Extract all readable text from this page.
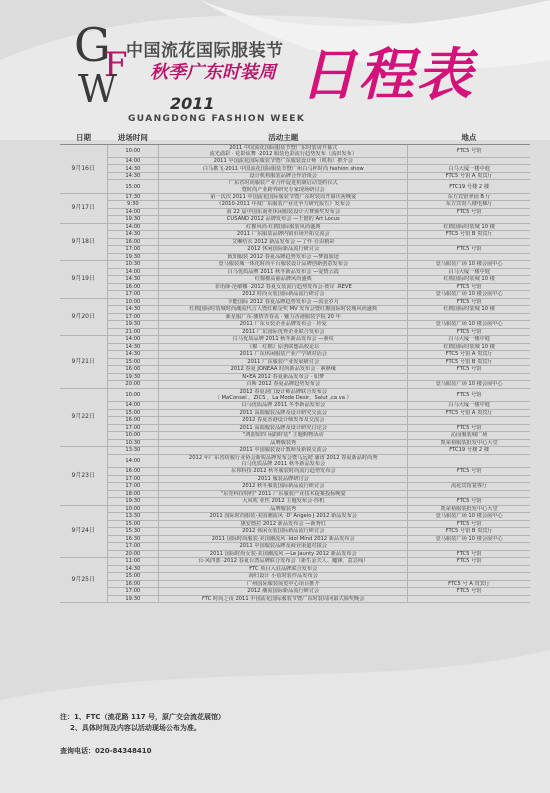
G
F
W
中国流花国际服装节
秋季广东时装周
2011
GUANGDONG FASHION WEEK
日程表
日期	进场时间	活动主题	地点
9月16日	10:00	2011 中国流花国际服装节暨广东时装周开幕式
流光溢彩 · 花影炫舞 ·2012 服装色彩流行趋势发布（流田发布）	FTC5 号馆
	14:00	2011 中国流花国际服装节暨广东服装设计师（机构）推介会	
	14:30	白马携飞·2011 中国流花国际服装节暨广州白马杯时尚 fashion show	白马大厦一楼中庭
	14:30	设计机构服装品牌合作洽谈会	FTC5 号馆 A 贵宾厅
	15:00	广东省时尚服装产业合作促进机制启动签约仪式
暨时尚产业跨界研究专家现场研讨会	FTC19 号楼 2 楼
9月17日	17:30	第一次次 2011 中国流花国际服装节暨广东时装周开幕庆祝晚宴	东方宾馆翠园 B 厅
	9:30	《2010-2011 年度广东服装产业竞争力研究报告》发布会	东方宾馆八楼电梯厅
	14:00	第 22 届中国东南亚休闲服装设计大赛颁奖发布会	FTC5 号馆
	19:30	CUSAND 2012 品牌发布会 —王锴的 Art Locus	
9月18日	14:00	红棉风尚·红棉国际服装风尚盛典	红棉国际时装城 10 楼
	14:30	2011 广东服装品牌内销市场开拓交流会	FTC5 号馆 B 贵宾厅
	16:00	艾琳结衣 2012 新品发布会 —了作·自由精彩	
	17:00	2012 休闲国际新品流行研讨会	FTC5 号馆
	19:30	致知服装 2012 春夏品牌趋势发布会 —梦圆旅途	
9月19日	10:30	壹马服装城一体化时尚平台服装设计品牌创新创意发布会	壹马服装广场 10 楼会展中心
	14:00	白马优质品牌 2011 秋冬新品发布会 —爱情云霞	白马大厦一楼中庭
	14:30	红棉棉高丽品牌风尚盛典	红棉国际时装城 10 楼
	16:00	菲语薛·范敏娜 ·2012 春夏女装流行趋势发布会·彼岸 .REVE	FTC5 号馆
	17:00	2012 时尚女装国际新品流行研讨会	壹马服装广场 10 楼会展中心
9月20日	10:00	卡能国际 2012 春夏品牌趋势发布会 —流金岁月	FTC5 号馆
	14:30	红棉国际时装城时尚潮流代言人暨红棉金奖 MV 发布会暨红棉国际时装城风尚盛典	红棉国际时装城 10 楼
	17:00	新星服广东·激情青春盖 · 魅力香港服装学院 20 年	
	19:30	2011 广东女装企业品牌发布会 · 珍爱	壹马服装广场 10 楼会展中心
	21:00	2011 广东国际优秀企业联合发布会	FTC5 号馆
9月21日	14:00	白马优质品牌 2011 秋冬新品发布会 —素纹	白马大厦一楼中庭
	14:30	《棉 · 红棉》原创联想高校论坛	红棉国际时装城 10 楼
	14:30	2011 广东休闲服装产业产学研对话会	FTC5 号馆 A 贵宾厅
	15:00	2011 广东服装产业发展研讨会	FTC5 号馆 B 贵宾厅
	16:00	2012 春夏 JONEAA 时尚新品发布会 · 素颜缘	FTC5 号馆
	19:30	N•EA 2012 春夏新品发布会 · 如梦	
	20:00	百斯 2012 春夏品牌趋势发布会	壹马服装广场 10 楼会展中心
9月22日	10:00	2012 春夏洞门设计师品牌联合发布会
（ MaConsel ，ZICS ，La Mode Desir，Salut ,ca va ）	FTC5 号馆
	14:00	白马优质品牌 2011 冬季新品发布会	白马大厦一楼中庭
	15:00	2011 高端服装品牌及设计研究交流会	FTC5 号馆 A 贵宾厅
	16:00	2012 春夏香港设计师发布及交流会	
	17:00	2011 高端服装品牌及设计研究讨论会	FTC5 号馆
	10:00	"鸿韵如四 闲韵时装" 主题购物活动	沁园服装城广场
	10:30	品牌服装秀	凯荣裕服装批发中心大堂
9月23日	13:30	2011 中国服装设计教师及新锐交流会	FTC19 号楼 2 楼
	14:00	2012 年广东省纺服行业协会新锐品牌发布会暨马远彻 潘涛 2012 春夏新品时尚秀
白马优质品牌 2011 秋冬新品发布会	
	16:00	东邦科技 2012 秋冬服装时尚流行趋势发布会	FTC5 号馆
	17:00	2011 服装品牌研讨会	
	17:00	2012 秋冬服装国际新品流行研讨会	流花宾馆宴客厅
	18:00	"东莞科技特约" 2011 广东服装产业技术提案投标晚宴	
	19:30	大风吹 亚性 2012 主题发布会·你机	FTC5 号馆
9月24日	10:00	品牌服装秀	凯荣裕服装批发中心大堂
	13:30	2011 国际时尚服装·美国潮流风 ·D' Angelo J 2012 新品发布会	壹马服装广场 10 楼会展中心
	15:00	黛安德拉 2012 新品发布会 —新秀红	FTC5 号馆
	15:30	2012 休闲女装国际新品流行研讨会	FTC5 号馆 B 贵宾厅
	16:30	2011 国际时尚服装·美国潮流风 ·Idol Mind 2012 新品发布会	壹马服装广场 10 楼会展中心
	17:00	2011 中国服装品牌及商业渠道对接会	
	20:00	2011 国际时尚女装·美国潮流风 —Le Jaunty 2012 新品发布会	FTC5 号馆
9月25日	11:00	台·风四部 ·2012 春夏台湾品牌联合发布会（新生金夫人、魔锋、意芸线）	FTC5 号馆
	14:30	FTC 项目入驻品牌联合发布会	
	15:00	海归设计 小蓓时装作品发布会	
	16:00	广州国际服装展览中心项目推介	FTC5 号 A 贵宾厅
	17:00	2012 潮流国际新品流行研讨会	FTC5 号馆
	19:30	FTC 时尚之夜 2011 中国流花国际服装节暨广东时装周闭幕式颁奖晚会	
注：1、FTC（流花路 117 号，原广交会流花展馆）
2、具体时间及内容以活动现场公布为准。
查询电话：020-84348410
